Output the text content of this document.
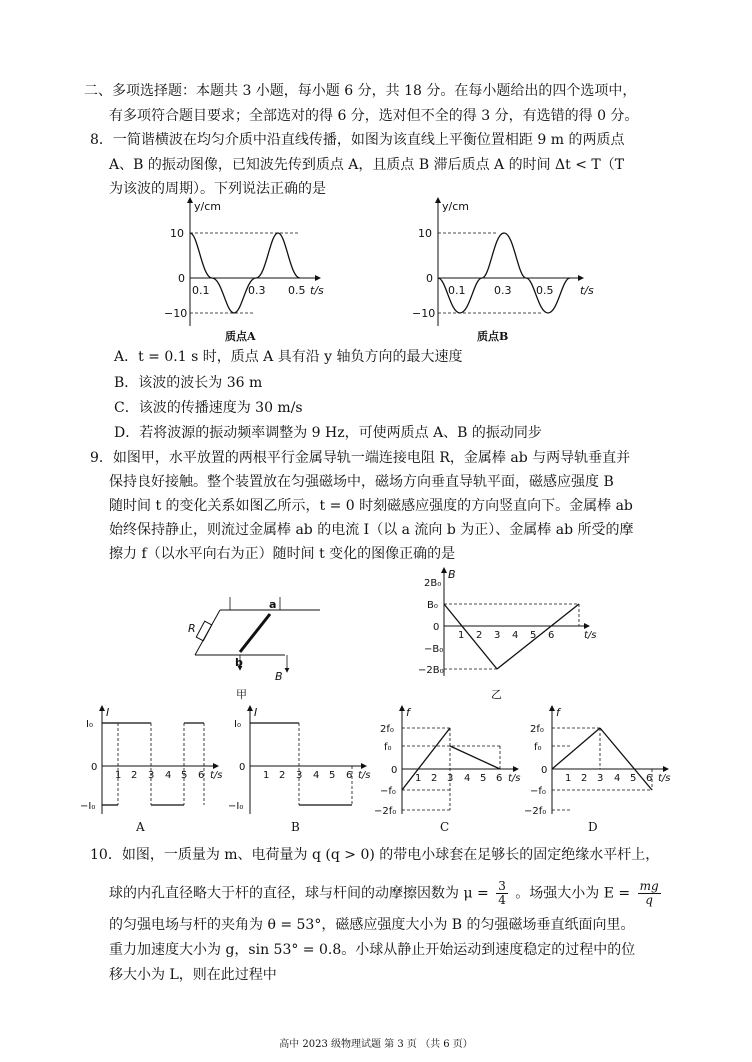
二、多项选择题：本题共 3 小题，每小题 6 分，共 18 分。在每小题给出的四个选项中，
有多项符合题目要求；全部选对的得 6 分，选对但不全的得 3 分，有选错的得 0 分。
8．一简谐横波在均匀介质中沿直线传播，如图为该直线上平衡位置相距 9 m 的两质点
A、B 的振动图像，已知波先传到质点 A，且质点 B 滞后质点 A 的时间 Δt < T（T
为该波的周期）。下列说法正确的是
y/cm
10
0
−10
0.1	0.3 0.5 t/s
质点A
y/cm
10
0
−10
0.1	0.3 0.5 t/s
质点B
A．t = 0.1 s 时，质点 A 具有沿 y 轴负方向的最大速度
B．该波的波长为 36 m
C．该波的传播速度为 30 m/s
D．若将波源的振动频率调整为 9 Hz，可使两质点 A、B 的振动同步
9．如图甲，水平放置的两根平行金属导轨一端连接电阻 R，金属棒 ab 与两导轨垂直并
保持良好接触。整个装置放在匀强磁场中，磁场方向垂直导轨平面，磁感应强度 B
随时间 t 的变化关系如图乙所示，t = 0 时刻磁感应强度的方向竖直向下。金属棒 ab
始终保持静止，则流过金属棒 ab 的电流 I（以 a 流向 b 为正）、金属棒 ab 所受的摩
擦力 f（以水平向右为正）随时间 t 变化的图像正确的是
R
a
b
B
甲
B
2B₀
B₀
0
−B₀
−2B₀
1 2 3 4 5 6	t/s
乙
I
I₀
0
−I₀
1 2 3 4 5 6 t/s
A
I
I₀
0
−I₀
1 2 3 4 5 6 t/s
B
f
2f₀
f₀
0
−f₀
−2f₀
1 2 3 4 5 6 t/s
C
f
2f₀
f₀
0
−f₀
−2f₀
1 2 3 4 5 6 t/s
D
10．如图，一质量为 m、电荷量为 q (q > 0) 的带电小球套在足够长的固定绝缘水平杆上，
球的内孔直径略大于杆的直径，球与杆间的动摩擦因数为 $\mu = \frac{3}{4}$ 。场强大小为 $E = \frac{mg}{q}$
的匀强电场与杆的夹角为 θ = 53°，磁感应强度大小为 B 的匀强磁场垂直纸面向里。
重力加速度大小为 g，sin 53° = 0.8。小球从静止开始运动到速度稳定的过程中的位
移大小为 L，则在此过程中
高中 2023 级物理试题 第 3 页 （共 6 页）
